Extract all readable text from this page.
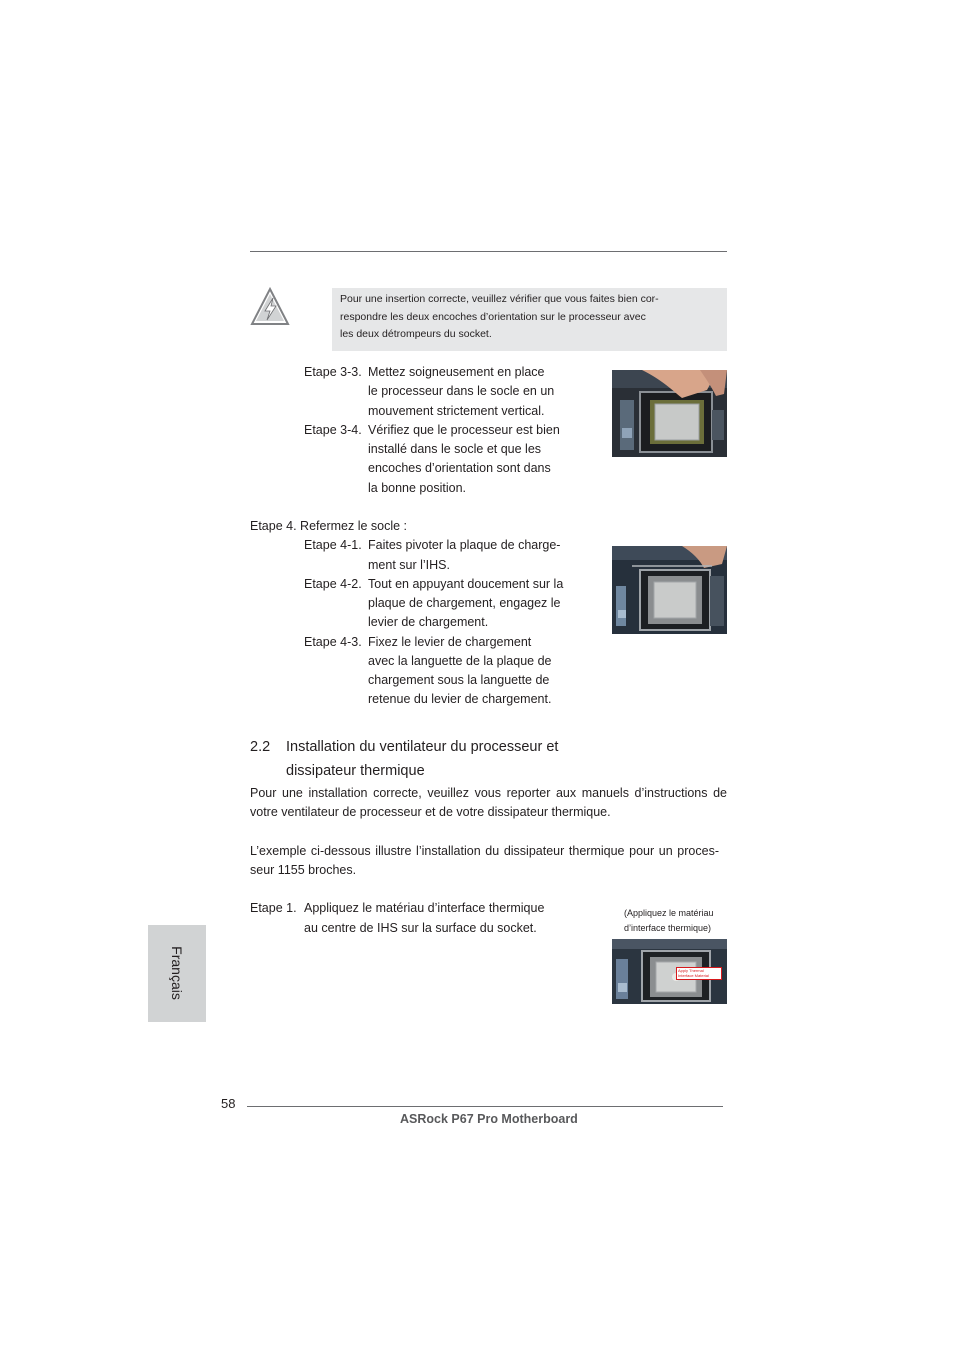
Pour une insertion correcte, veuillez vérifier que vous faites bien cor-
respondre les deux encoches d’orientation sur le processeur avec
les deux détrompeurs du socket.
Etape 3-3. Mettez soigneusement en place
le processeur dans le socle en un
mouvement strictement vertical.
Etape 3-4. Vérifiez que le processeur est bien
installé dans le socle et que les
encoches d’orientation sont dans
la bonne position.
Etape 4. Refermez le socle :
Etape 4-1. Faites pivoter la plaque de charge-
ment sur l’IHS.
Etape 4-2. Tout en appuyant doucement sur la
plaque de chargement, engagez le
levier de chargement.
Etape 4-3. Fixez le levier de chargement
avec la languette de la plaque de
chargement sous la languette de
retenue du levier de chargement.
2.2 Installation du ventilateur du processeur et
dissipateur thermique
Pour une installation correcte, veuillez vous reporter aux manuels d’instructions de
votre ventilateur de processeur et de votre dissipateur thermique.
L’exemple ci-dessous illustre l’installation du dissipateur thermique pour un proces-
seur 1155 broches.
Etape 1. Appliquez le matériau d’interface thermique
au centre de IHS sur la surface du socket.
(Appliquez le matériau
d’interface thermique)
Apply Thermal
Interface Material
Français
58
ASRock P67 Pro Motherboard
